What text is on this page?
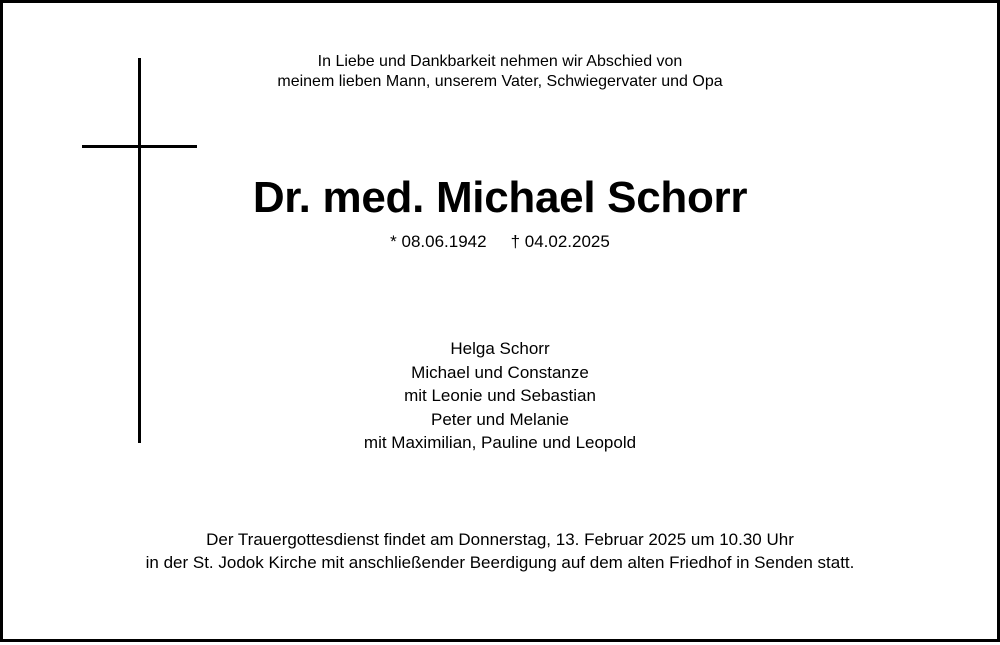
In Liebe und Dankbarkeit nehmen wir Abschied von
meinem lieben Mann, unserem Vater, Schwiegervater und Opa
Dr. med. Michael Schorr
* 08.06.1942 † 04.02.2025
Helga Schorr
Michael und Constanze
mit Leonie und Sebastian
Peter und Melanie
mit Maximilian, Pauline und Leopold
Der Trauergottesdienst findet am Donnerstag, 13. Februar 2025 um 10.30 Uhr
in der St. Jodok Kirche mit anschließender Beerdigung auf dem alten Friedhof in Senden statt.
